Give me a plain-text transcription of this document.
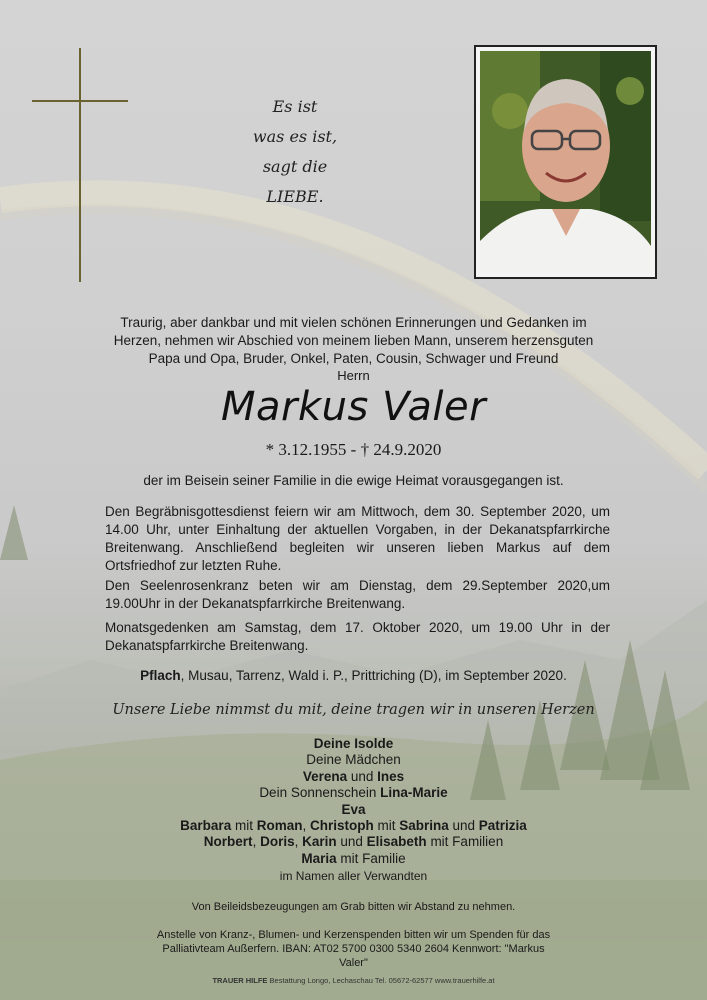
Es ist
was es ist,
sagt die
LIEBE.
Traurig, aber dankbar und mit vielen schönen Erinnerungen und Gedanken im
Herzen, nehmen wir Abschied von meinem lieben Mann, unserem herzensguten
Papa und Opa, Bruder, Onkel, Paten, Cousin, Schwager und Freund
Herrn
Markus Valer
* 3.12.1955 - † 24.9.2020
der im Beisein seiner Familie in die ewige Heimat vorausgegangen ist.
Den Begräbnisgottesdienst feiern wir am Mittwoch, dem 30. September 2020, um 14.00 Uhr, unter Einhaltung der aktuellen Vorgaben, in der Dekanatspfarrkirche Breitenwang. Anschließend begleiten wir unseren lieben Markus auf dem Ortsfriedhof zur letzten Ruhe.
Den Seelenrosenkranz beten wir am Dienstag, dem 29.September 2020,um 19.00Uhr in der Dekanatspfarrkirche Breitenwang.
Monatsgedenken am Samstag, dem 17. Oktober 2020, um 19.00 Uhr in der Dekanatspfarrkirche Breitenwang.
Pflach, Musau, Tarrenz, Wald i. P., Prittriching (D), im September 2020.
Unsere Liebe nimmst du mit, deine tragen wir in unseren Herzen
Deine Isolde
Deine Mädchen
Verena und Ines
Dein Sonnenschein Lina-Marie
Eva
Barbara mit Roman, Christoph mit Sabrina und Patrizia
Norbert, Doris, Karin und Elisabeth mit Familien
Maria mit Familie
im Namen aller Verwandten
Von Beileidsbezeugungen am Grab bitten wir Abstand zu nehmen.
Anstelle von Kranz-, Blumen- und Kerzenspenden bitten wir um Spenden für das Palliativteam Außerfern. IBAN: AT02 5700 0300 5340 2604 Kennwort: "Markus Valer"
TRAUER HILFE Bestattung Longo, Lechaschau Tel. 05672-62577 www.trauerhilfe.at
